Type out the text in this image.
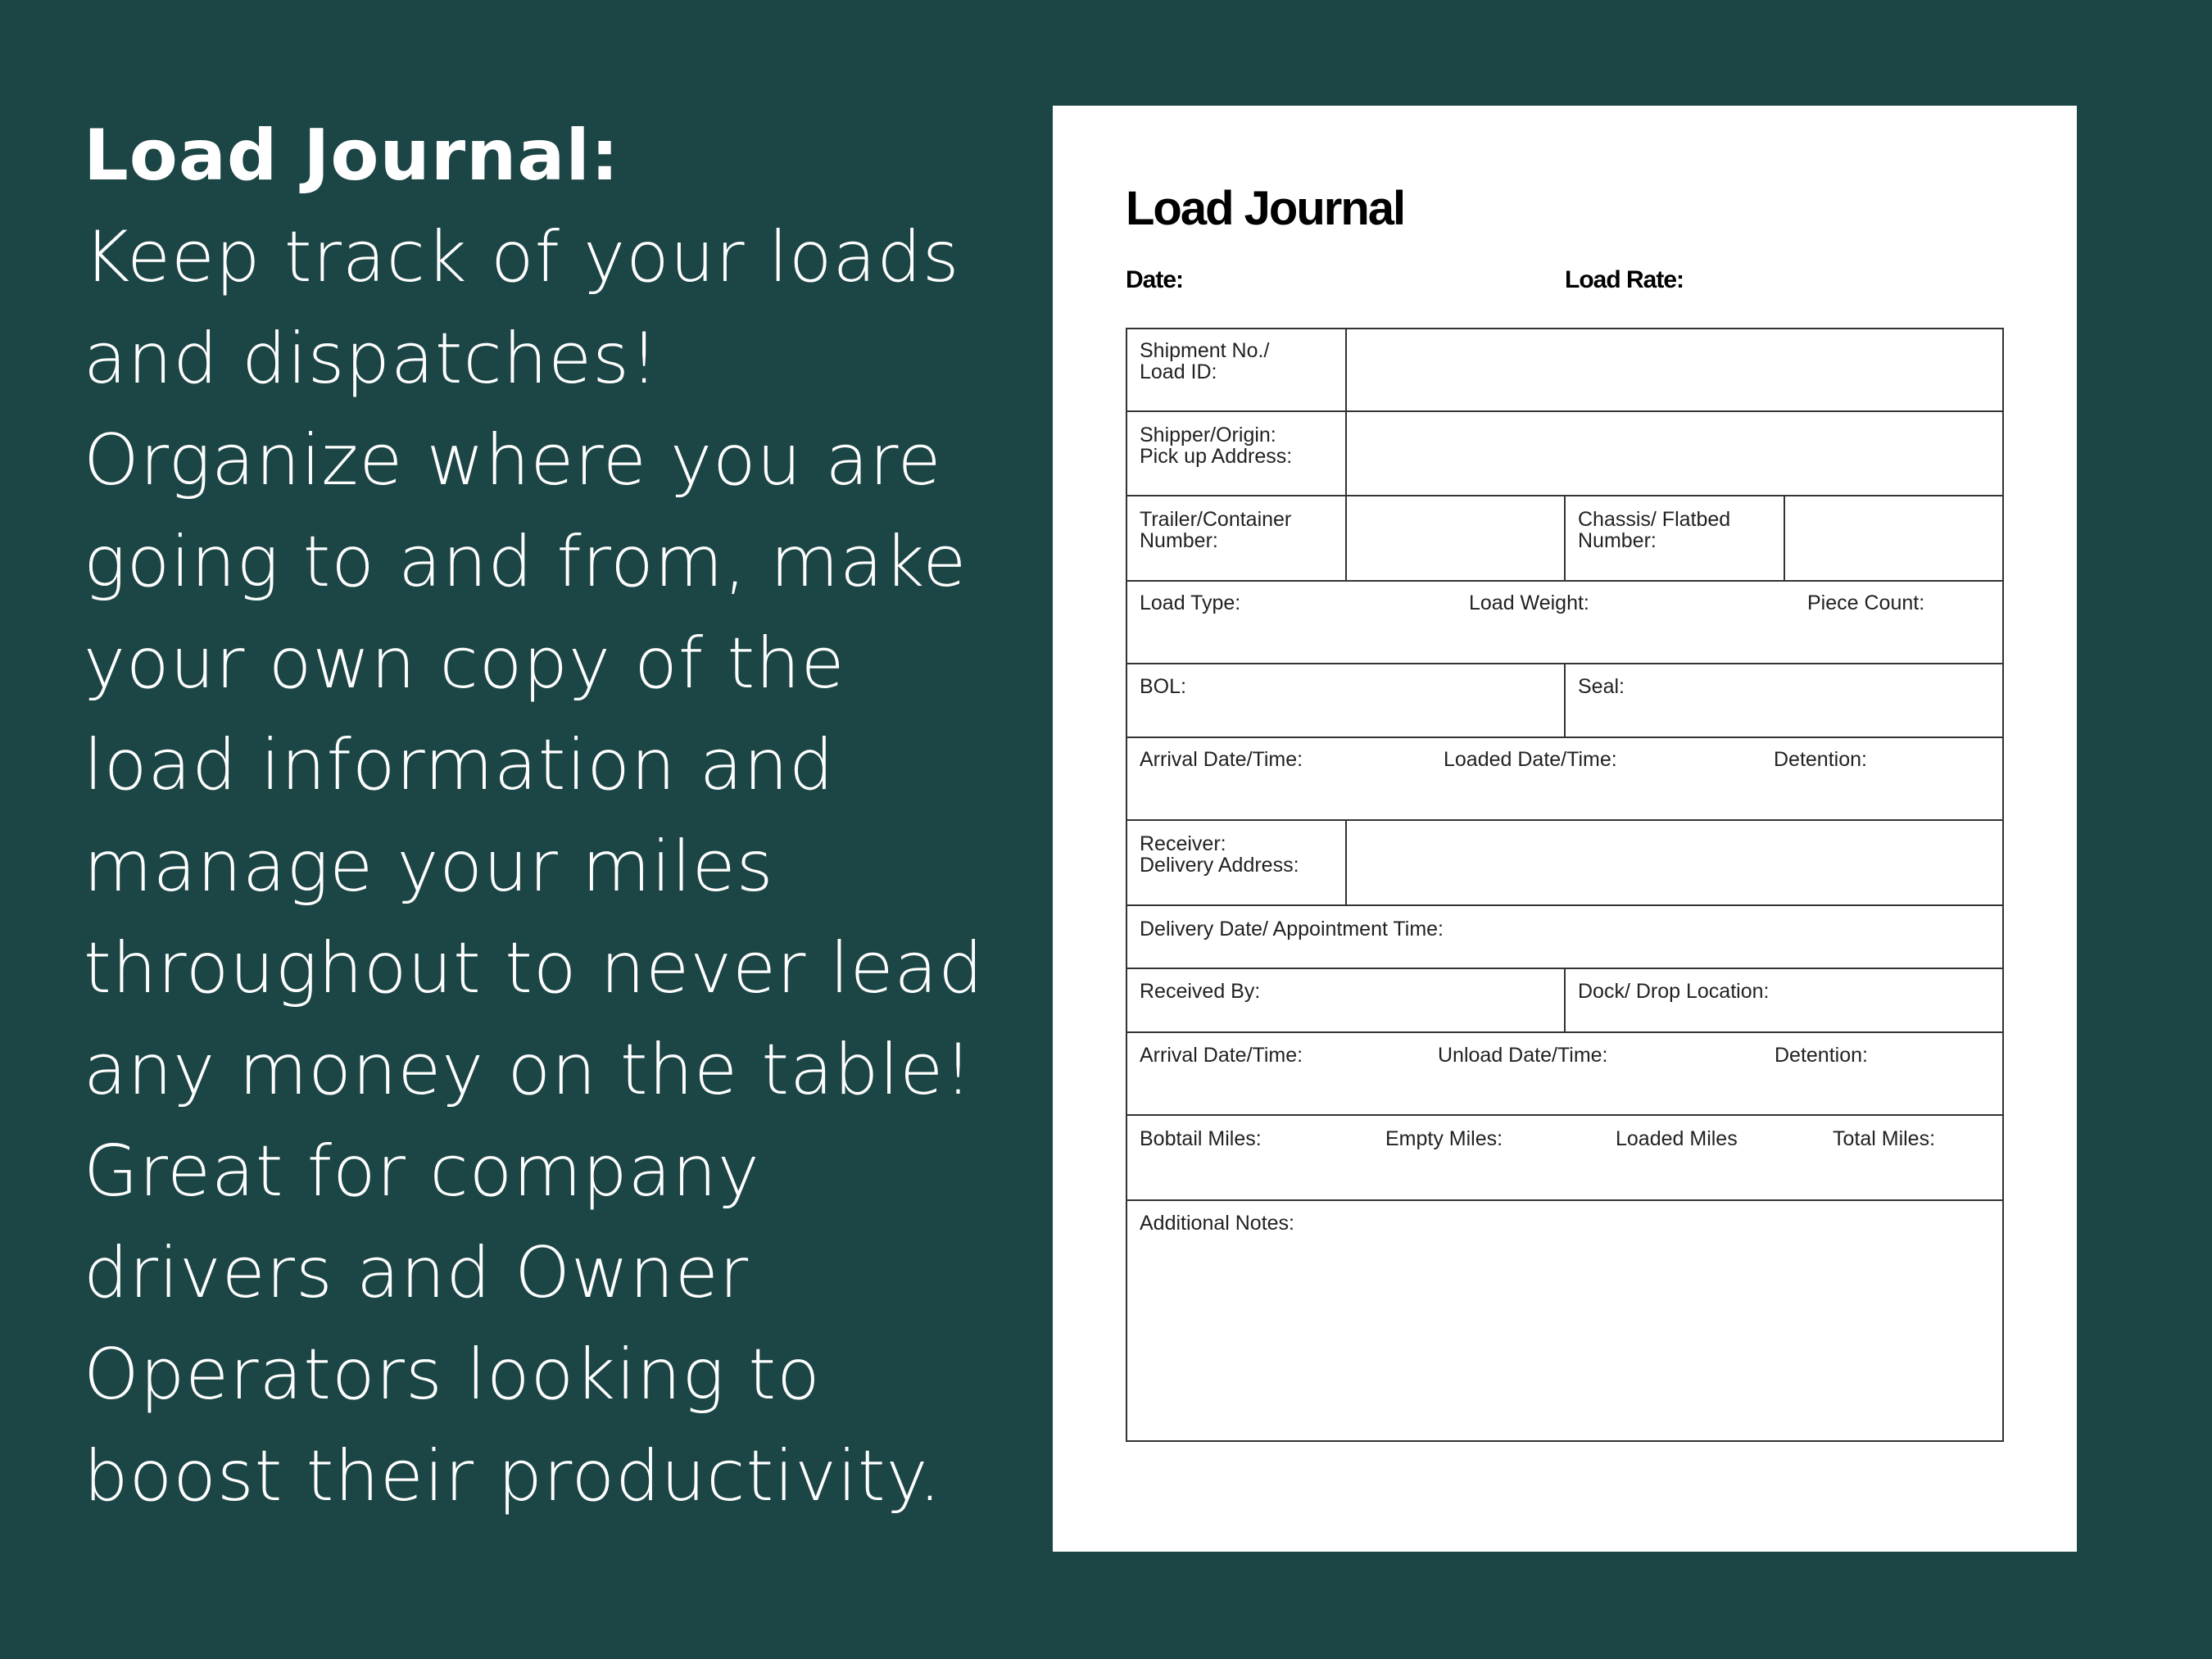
Load Journal:
Keep track of your loads
and dispatches!
Organize where you are
going to and from, make
your own copy of the
load information and
manage your miles
throughout to never lead
any money on the table!
Great for company
drivers and Owner
Operators looking to
boost their productivity.
Load Journal
Date:	Load Rate:
Shipment No./
Load ID:
Shipper/Origin:
Pick up Address:
Trailer/Container
Number:
Chassis/ Flatbed
Number:
Load Type:	Load Weight:	Piece Count:
BOL:	Seal:
Arrival Date/Time:	Loaded Date/Time:	Detention:
Receiver:
Delivery Address:
Delivery Date/ Appointment Time:
Received By:	Dock/ Drop Location:
Arrival Date/Time:	Unload Date/Time:	Detention:
Bobtail Miles:	Empty Miles:	Loaded Miles	Total Miles:
Additional Notes:
